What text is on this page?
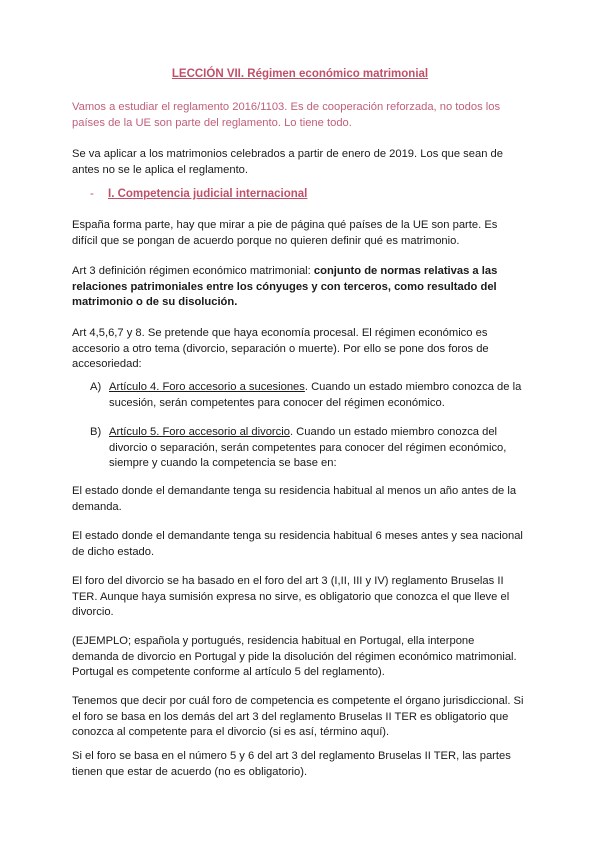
LECCIÓN VII. Régimen económico matrimonial

Vamos a estudiar el reglamento 2016/1103. Es de cooperación reforzada, no todos los países de la UE son parte del reglamento. Lo tiene todo.

Se va aplicar a los matrimonios celebrados a partir de enero de 2019. Los que sean de antes no se le aplica el reglamento.

- I. Competencia judicial internacional

España forma parte, hay que mirar a pie de página qué países de la UE son parte. Es difícil que se pongan de acuerdo porque no quieren definir qué es matrimonio.

Art 3 definición régimen económico matrimonial: conjunto de normas relativas a las relaciones patrimoniales entre los cónyuges y con terceros, como resultado del matrimonio o de su disolución.

Art 4,5,6,7 y 8. Se pretende que haya economía procesal. El régimen económico es accesorio a otro tema (divorcio, separación o muerte). Por ello se pone dos foros de accesoriedad:

A) Artículo 4. Foro accesorio a sucesiones. Cuando un estado miembro conozca de la sucesión, serán competentes para conocer del régimen económico.
B) Artículo 5. Foro accesorio al divorcio. Cuando un estado miembro conozca del divorcio o separación, serán competentes para conocer del régimen económico, siempre y cuando la competencia se base en:

El estado donde el demandante tenga su residencia habitual al menos un año antes de la demanda.

El estado donde el demandante tenga su residencia habitual 6 meses antes y sea nacional de dicho estado.

El foro del divorcio se ha basado en el foro del art 3 (I,II, III y IV) reglamento Bruselas II TER. Aunque haya sumisión expresa no sirve, es obligatorio que conozca el que lleve el divorcio.

(EJEMPLO; española y portugués, residencia habitual en Portugal, ella interpone demanda de divorcio en Portugal y pide la disolución del régimen económico matrimonial. Portugal es competente conforme al artículo 5 del reglamento).

Tenemos que decir por cuál foro de competencia es competente el órgano jurisdiccional. Si el foro se basa en los demás del art 3 del reglamento Bruselas II TER es obligatorio que conozca al competente para el divorcio (si es así, término aquí).

Si el foro se basa en el número 5 y 6 del art 3 del reglamento Bruselas II TER, las partes tienen que estar de acuerdo (no es obligatorio).
